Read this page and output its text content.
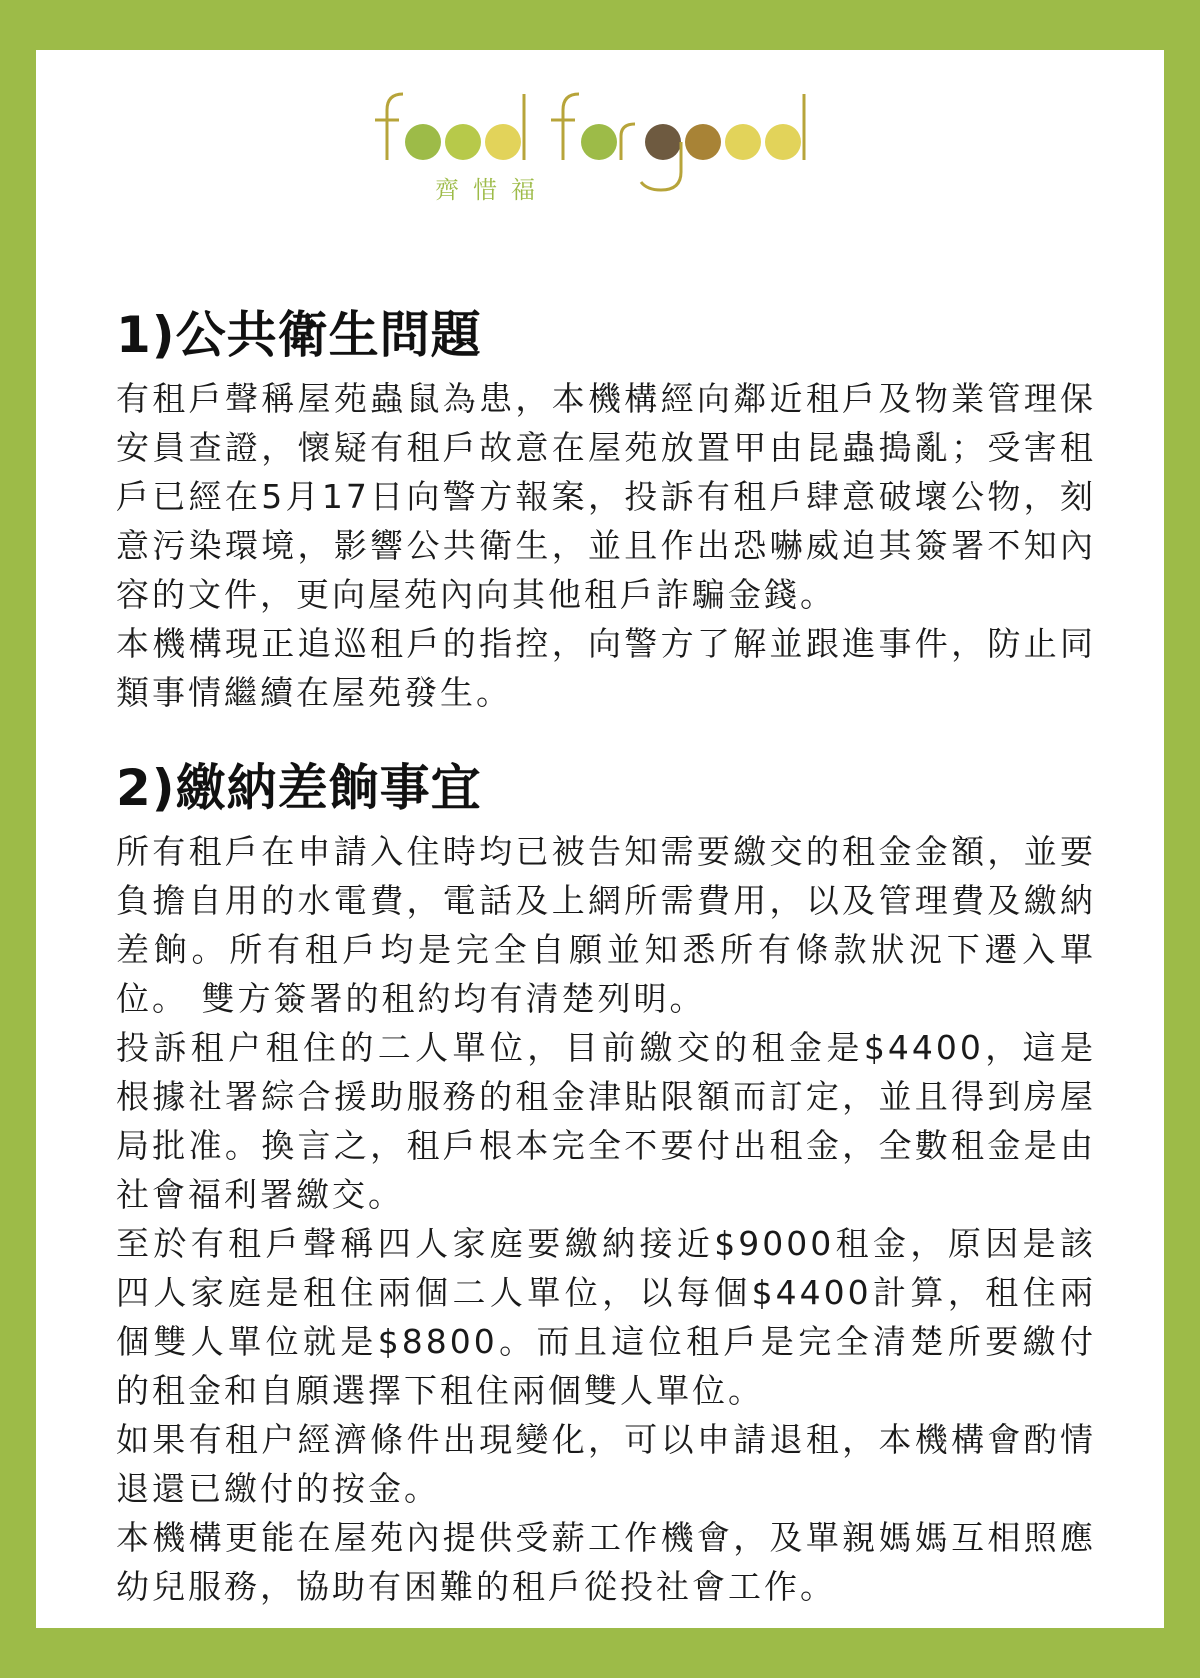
齊惜福
1)公共衛生問題

有租戶聲稱屋苑蟲鼠為患，本機構經向鄰近租戶及物業管理保安員查證，懷疑有租戶故意在屋苑放置甲由昆蟲搗亂；受害租戶已經在5月17日向警方報案，投訴有租戶肆意破壞公物，刻意污染環境，影響公共衛生，並且作出恐嚇威迫其簽署不知內容的文件，更向屋苑內向其他租戶詐騙金錢。

本機構現正追巡租戶的指控，向警方了解並跟進事件，防止同類事情繼續在屋苑發生。

2)繳納差餉事宜

所有租戶在申請入住時均已被告知需要繳交的租金金額，並要負擔自用的水電費，電話及上網所需費用，以及管理費及繳納差餉。所有租戶均是完全自願並知悉所有條款狀況下遷入單位。 雙方簽署的租約均有清楚列明。

投訴租户租住的二人單位，目前繳交的租金是$4400，這是根據社署綜合援助服務的租金津貼限額而訂定，並且得到房屋局批准。換言之，租戶根本完全不要付出租金，全數租金是由社會福利署繳交。

至於有租戶聲稱四人家庭要繳納接近$9000租金，原因是該四人家庭是租住兩個二人單位，以每個$4400計算，租住兩個雙人單位就是$8800。而且這位租戶是完全清楚所要繳付的租金和自願選擇下租住兩個雙人單位。

如果有租户經濟條件出現變化，可以申請退租，本機構會酌情退還已繳付的按金。

本機構更能在屋苑內提供受薪工作機會，及單親媽媽互相照應幼兒服務，協助有困難的租戶從投社會工作。
